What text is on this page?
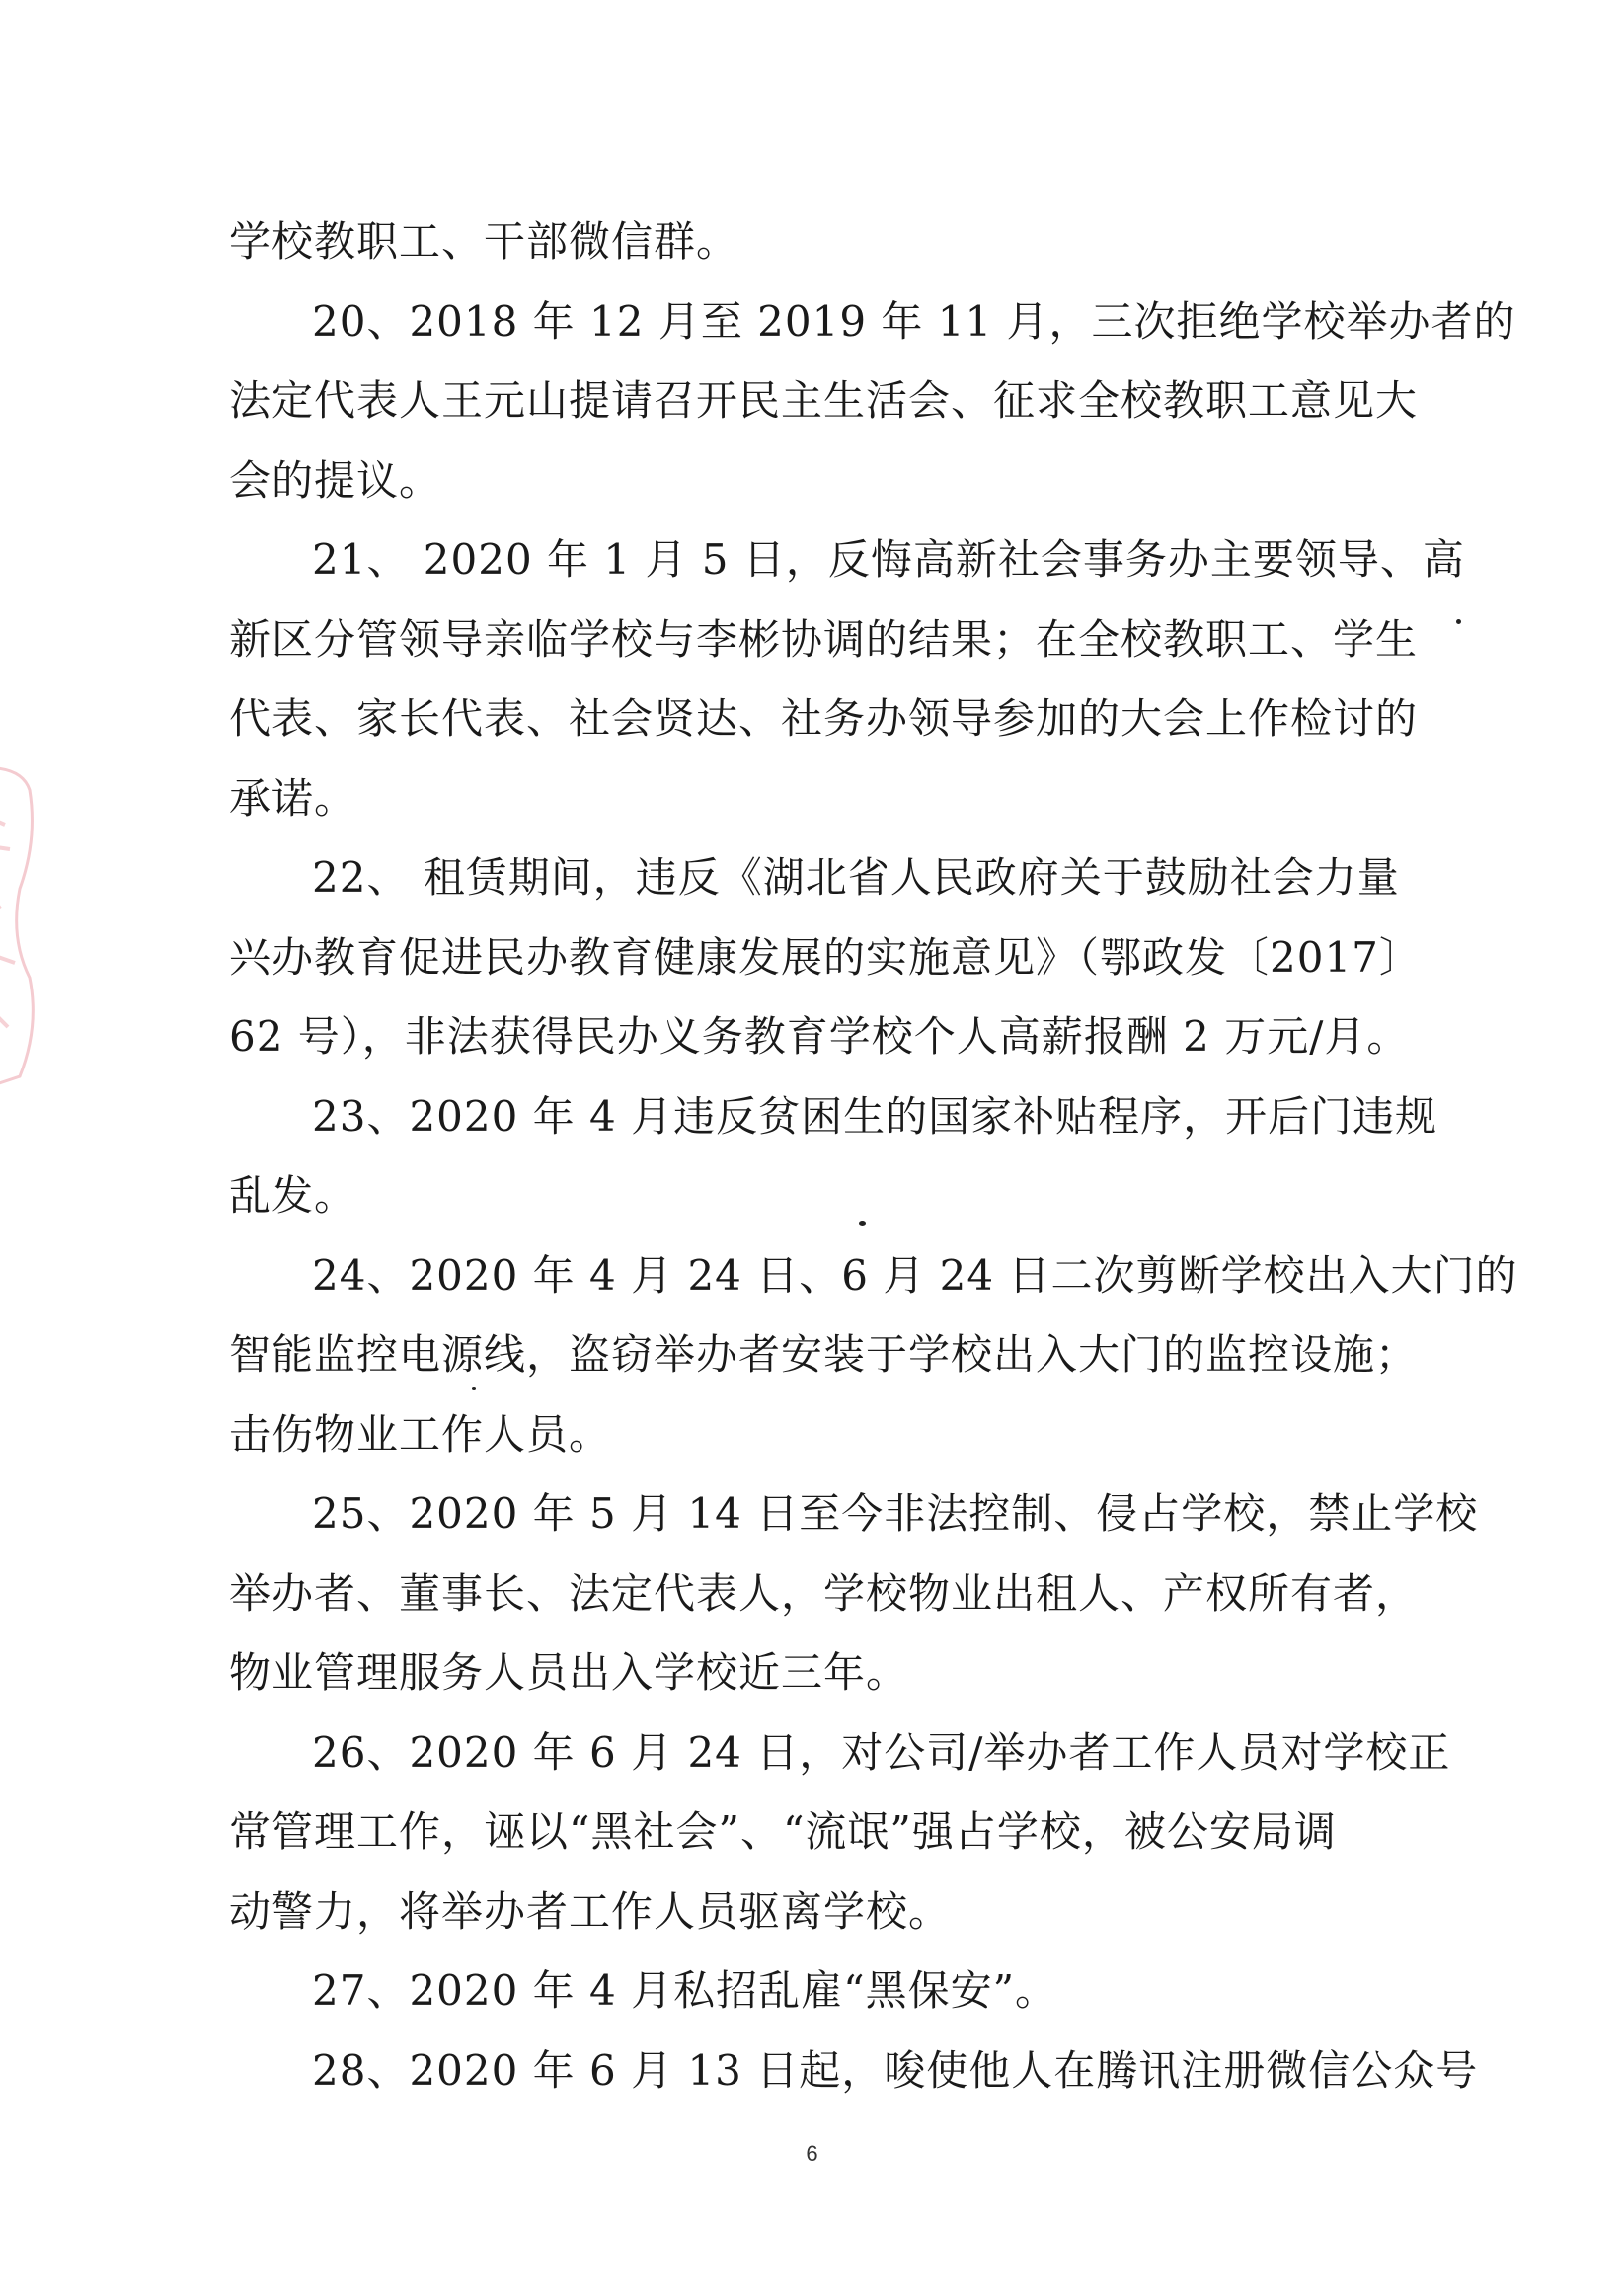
学校教职工、干部微信群。
20、2018 年 12 月至 2019 年 11 月，三次拒绝学校举办者的
法定代表人王元山提请召开民主生活会、征求全校教职工意见大
会的提议。
21、 2020 年 1 月 5 日，反悔高新社会事务办主要领导、高
新区分管领导亲临学校与李彬协调的结果；在全校教职工、学生
代表、家长代表、社会贤达、社务办领导参加的大会上作检讨的
承诺。
22、 租赁期间，违反《湖北省人民政府关于鼓励社会力量
兴办教育促进民办教育健康发展的实施意见》（鄂政发〔2017〕
62 号），非法获得民办义务教育学校个人高薪报酬 2 万元/月。
23、2020 年 4 月违反贫困生的国家补贴程序，开后门违规
乱发。
24、2020 年 4 月 24 日、6 月 24 日二次剪断学校出入大门的
智能监控电源线，盗窃举办者安装于学校出入大门的监控设施；
击伤物业工作人员。
25、2020 年 5 月 14 日至今非法控制、侵占学校，禁止学校
举办者、董事长、法定代表人，学校物业出租人、产权所有者，
物业管理服务人员出入学校近三年。
26、2020 年 6 月 24 日，对公司/举办者工作人员对学校正
常管理工作，诬以“黑社会”、“流氓”强占学校，被公安局调
动警力，将举办者工作人员驱离学校。
27、2020 年 4 月私招乱雇“黑保安”。
28、2020 年 6 月 13 日起，唆使他人在腾讯注册微信公众号
6
